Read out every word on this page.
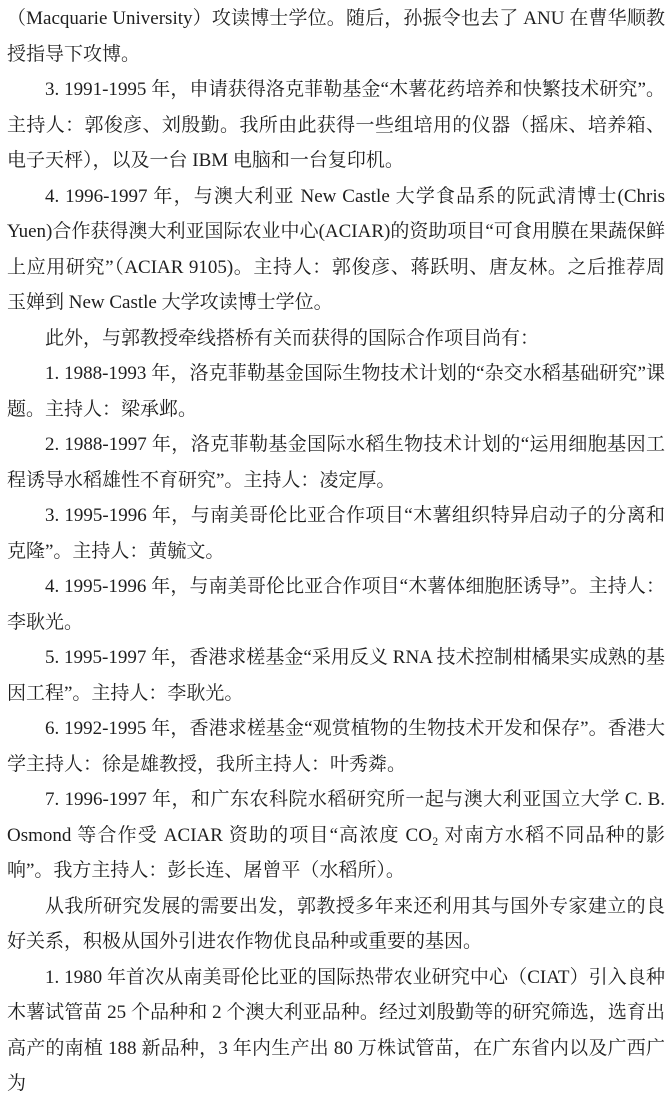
（Macquarie University）攻读博士学位。随后，孙振令也去了 ANU 在曹华顺教授指导下攻博。

3. 1991-1995 年，申请获得洛克菲勒基金“木薯花药培养和快繁技术研究”。主持人：郭俊彦、刘殷勤。我所由此获得一些组培用的仪器（摇床、培养箱、电子天枰），以及一台 IBM 电脑和一台复印机。

4. 1996-1997 年，与澳大利亚 New Castle 大学食品系的阮武清博士(Chris Yuen)合作获得澳大利亚国际农业中心(ACIAR)的资助项目“可食用膜在果蔬保鲜上应用研究”（ACIAR 9105)。主持人：郭俊彦、蒋跃明、唐友林。之后推荐周玉婵到 New Castle 大学攻读博士学位。

此外，与郭教授牵线搭桥有关而获得的国际合作项目尚有：

1. 1988-1993 年，洛克菲勒基金国际生物技术计划的“杂交水稻基础研究”课题。主持人：梁承邺。

2. 1988-1997 年，洛克菲勒基金国际水稻生物技术计划的“运用细胞基因工程诱导水稻雄性不育研究”。主持人：凌定厚。

3. 1995-1996 年，与南美哥伦比亚合作项目“木薯组织特异启动子的分离和克隆”。主持人：黄毓文。

4. 1995-1996 年，与南美哥伦比亚合作项目“木薯体细胞胚诱导”。主持人：李耿光。

5. 1995-1997 年，香港求槎基金“采用反义 RNA 技术控制柑橘果实成熟的基因工程”。主持人：李耿光。

6. 1992-1995 年，香港求槎基金“观赏植物的生物技术开发和保存”。香港大学主持人：徐是雄教授，我所主持人：叶秀粦。

7. 1996-1997 年，和广东农科院水稻研究所一起与澳大利亚国立大学 C. B. Osmond 等合作受 ACIAR 资助的项目“高浓度 CO₂ 对南方水稻不同品种的影响”。我方主持人：彭长连、屠曾平（水稻所）。

从我所研究发展的需要出发，郭教授多年来还利用其与国外专家建立的良好关系，积极从国外引进农作物优良品种或重要的基因。

1. 1980 年首次从南美哥伦比亚的国际热带农业研究中心（CIAT）引入良种木薯试管苗 25 个品种和 2 个澳大利亚品种。经过刘殷勤等的研究筛选，选育出高产的南植 188 新品种，3 年内生产出 80 万株试管苗，在广东省内以及广西广为
